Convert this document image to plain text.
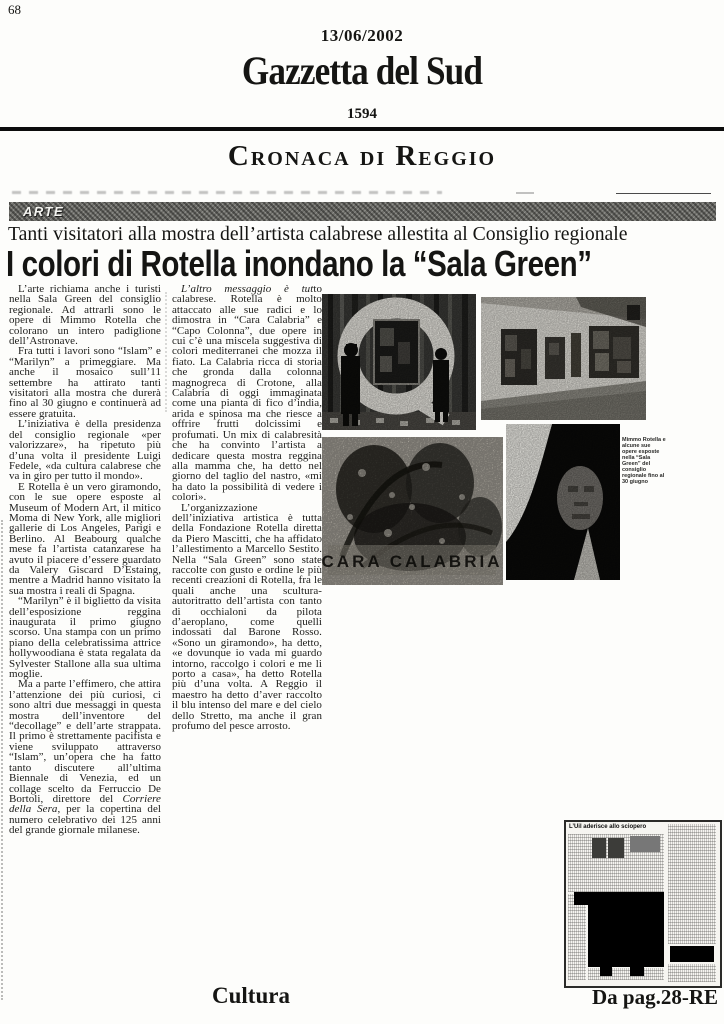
68
13/06/2002
Gazzetta del Sud
1594
Cronaca di Reggio
ARTE
Tanti visitatori alla mostra dell’artista calabrese allestita al Consiglio regionale
I colori di Rotella inondano la “Sala Green”

L’arte richiama anche i turisti nella Sala Green del consiglio regionale. Ad attrarli sono le opere di Mimmo Rotella che colorano un intero padiglione dell’Astronave.

Fra tutti i lavori sono “Islam” e “Marilyn” a primeggiare. Ma anche il mosaico sull’11 settembre ha attirato tanti visitatori alla mostra che durerà fino al 30 giugno e continuerà ad essere gratuita.

L’iniziativa è della presidenza del consiglio regionale «per valorizzare», ha ripetuto più d’una volta il presidente Luigi Fedele, «da cultura calabrese che va in giro per tutto il mondo».

E Rotella è un vero giramondo, con le sue opere esposte al Museum of Modern Art, il mitico Moma di New York, alle migliori gallerie di Los Angeles, Parigi e Berlino. Al Beabourg qualche mese fa l’artista catanzarese ha avuto il piacere d’essere guardato da Valery Giscard D’Estaing, mentre a Madrid hanno visitato la sua mostra i reali di Spagna.

“Marilyn” è il biglietto da visita dell’esposizione reggina inaugurata il primo giugno scorso. Una stampa con un primo piano della celebratissima attrice hollywoodiana è stata regalata da Sylvester Stallone alla sua ultima moglie.

Ma a parte l’effimero, che attira l’attenzione dei più curiosi, ci sono altri due messaggi in questa mostra dell’inventore del “decollage” e dell’arte strappata. Il primo è strettamente pacifista e viene sviluppato attraverso “Islam”, un’opera che ha fatto tanto discutere all’ultima Biennale di Venezia, ed un collage scelto da Ferruccio De Bortoli, direttore del Corriere della Sera, per la copertina del numero celebrativo dei 125 anni del grande giornale milanese.

L’altro messaggio è tutto calabrese. Rotella è molto attaccato alle sue radici e lo dimostra in “Cara Calabria” e “Capo Colonna”, due opere in cui c’è una miscela suggestiva di colori mediterranei che mozza il fiato. La Calabria ricca di storia che gronda dalla colonna magnogreca di Crotone, alla Calabria di oggi immaginata come una pianta di fico d’india, arida e spinosa ma che riesce a offrire frutti dolcissimi e profumati. Un mix di calabresità che ha convinto l’artista a dedicare questa mostra reggina alla mamma che, ha detto nel giorno del taglio del nastro, «mi ha dato la possibilità di vedere i colori».

L’organizzazione dell’iniziativa artistica è tutta della Fondazione Rotella diretta da Piero Mascitti, che ha affidato l’allestimento a Marcello Sestito. Nella “Sala Green” sono state raccolte con gusto e ordine le più recenti creazioni di Rotella, fra le quali anche una scultura-autoritratto dell’artista con tanto di occhialoni da pilota d’aeroplano, come quelli indossati dal Barone Rosso. «Sono un giramondo», ha detto, «e dovunque io vada mi guardo intorno, raccolgo i colori e me li porto a casa», ha detto Rotella più d’una volta. A Reggio il maestro ha detto d’aver raccolto il blu intenso del mare e del cielo dello Stretto, ma anche il gran profumo del pesce arrosto.

CARA CALABRIA
Mimmo Rotella e alcune sue opere esposte nella “Sala Green” del consiglio regionale fino al 30 giugno
Cultura
L’Uil aderisce allo sciopero
Da pag.28-RE
